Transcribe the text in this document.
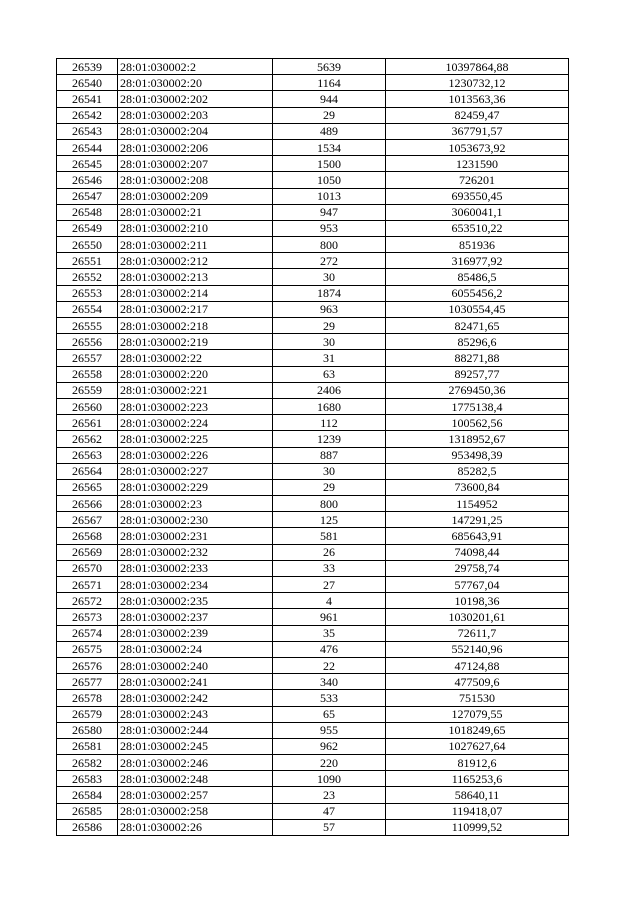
26539	28:01:030002:2	5639	10397864,88
26540	28:01:030002:20	1164	1230732,12
26541	28:01:030002:202	944	1013563,36
26542	28:01:030002:203	29	82459,47
26543	28:01:030002:204	489	367791,57
26544	28:01:030002:206	1534	1053673,92
26545	28:01:030002:207	1500	1231590
26546	28:01:030002:208	1050	726201
26547	28:01:030002:209	1013	693550,45
26548	28:01:030002:21	947	3060041,1
26549	28:01:030002:210	953	653510,22
26550	28:01:030002:211	800	851936
26551	28:01:030002:212	272	316977,92
26552	28:01:030002:213	30	85486,5
26553	28:01:030002:214	1874	6055456,2
26554	28:01:030002:217	963	1030554,45
26555	28:01:030002:218	29	82471,65
26556	28:01:030002:219	30	85296,6
26557	28:01:030002:22	31	88271,88
26558	28:01:030002:220	63	89257,77
26559	28:01:030002:221	2406	2769450,36
26560	28:01:030002:223	1680	1775138,4
26561	28:01:030002:224	112	100562,56
26562	28:01:030002:225	1239	1318952,67
26563	28:01:030002:226	887	953498,39
26564	28:01:030002:227	30	85282,5
26565	28:01:030002:229	29	73600,84
26566	28:01:030002:23	800	1154952
26567	28:01:030002:230	125	147291,25
26568	28:01:030002:231	581	685643,91
26569	28:01:030002:232	26	74098,44
26570	28:01:030002:233	33	29758,74
26571	28:01:030002:234	27	57767,04
26572	28:01:030002:235	4	10198,36
26573	28:01:030002:237	961	1030201,61
26574	28:01:030002:239	35	72611,7
26575	28:01:030002:24	476	552140,96
26576	28:01:030002:240	22	47124,88
26577	28:01:030002:241	340	477509,6
26578	28:01:030002:242	533	751530
26579	28:01:030002:243	65	127079,55
26580	28:01:030002:244	955	1018249,65
26581	28:01:030002:245	962	1027627,64
26582	28:01:030002:246	220	81912,6
26583	28:01:030002:248	1090	1165253,6
26584	28:01:030002:257	23	58640,11
26585	28:01:030002:258	47	119418,07
26586	28:01:030002:26	57	110999,52
